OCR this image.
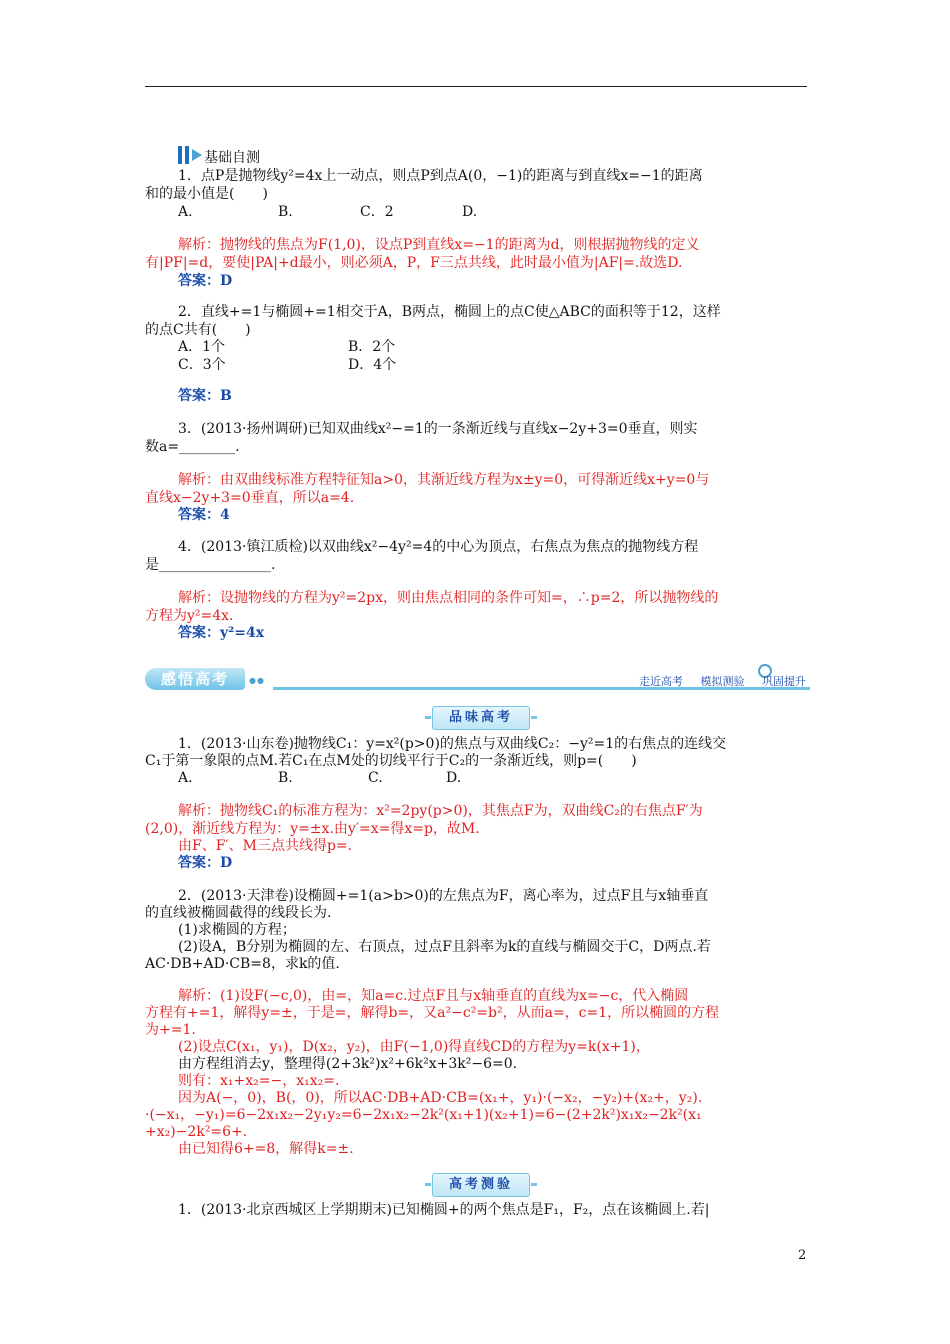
基础自测
1．点P是抛物线y²=4x上一动点，则点P到点A(0，−1)的距离与到直线x=−1的距离
和的最小值是(　　)
A.	B.	C．2	D.
解析：抛物线的焦点为F(1,0)，设点P到直线x=−1的距离为d，则根据抛物线的定义
有|PF|=d，要使|PA|+d最小，则必须A，P，F三点共线，此时最小值为|AF|=.故选D.
答案：D
2．直线+=1与椭圆+=1相交于A，B两点，椭圆上的点C使△ABC的面积等于12，这样
的点C共有(　　)
A．1个	B．2个
C．3个	D．4个
答案：B
3．(2013·扬州调研)已知双曲线x²−=1的一条渐近线与直线x−2y+3=0垂直，则实
数a=________.
解析：由双曲线标准方程特征知a>0，其渐近线方程为x±y=0，可得渐近线x+y=0与
直线x−2y+3=0垂直，所以a=4.
答案：4
4．(2013·镇江质检)以双曲线x²−4y²=4的中心为顶点，右焦点为焦点的抛物线方程
是________________.
解析：设抛物线的方程为y²=2px，则由焦点相同的条件可知=，∴p=2，所以抛物线的
方程为y²=4x.
答案：y²=4x
感悟高考	●●	走近高考 模拟测验 巩固提升
品味高考
1．(2013·山东卷)抛物线C₁：y=x²(p>0)的焦点与双曲线C₂：−y²=1的右焦点的连线交
C₁于第一象限的点M.若C₁在点M处的切线平行于C₂的一条渐近线，则p=(　　)
A.	B.	C.	D.
解析：抛物线C₁的标准方程为：x²=2py(p>0)，其焦点F为，双曲线C₂的右焦点F′为
(2,0)，渐近线方程为：y=±x.由y′=x=得x=p，故M.
由F、F′、M三点共线得p=.
答案：D
2．(2013·天津卷)设椭圆+=1(a>b>0)的左焦点为F，离心率为，过点F且与x轴垂直
的直线被椭圆截得的线段长为.
(1)求椭圆的方程；
(2)设A，B分别为椭圆的左、右顶点，过点F且斜率为k的直线与椭圆交于C，D两点.若
AC·DB+AD·CB=8，求k的值.
解析：(1)设F(−c,0)，由=，知a=c.过点F且与x轴垂直的直线为x=−c，代入椭圆
方程有+=1，解得y=±，于是=，解得b=，又a²−c²=b²，从而a=，c=1，所以椭圆的方程
为+=1.
(2)设点C(x₁，y₁)，D(x₂，y₂)，由F(−1,0)得直线CD的方程为y=k(x+1)，
由方程组消去y，整理得(2+3k²)x²+6k²x+3k²−6=0.
则有：x₁+x₂=−，x₁x₂=.
因为A(−，0)，B(，0)，所以AC·DB+AD·CB=(x₁+，y₁)·(−x₂，−y₂)+(x₂+，y₂).
·(−x₁，−y₁)=6−2x₁x₂−2y₁y₂=6−2x₁x₂−2k²(x₁+1)(x₂+1)=6−(2+2k²)x₁x₂−2k²(x₁
+x₂)−2k²=6+.
由已知得6+=8，解得k=±.
高考测验
1．(2013·北京西城区上学期期末)已知椭圆+的两个焦点是F₁，F₂，点在该椭圆上.若|
2
